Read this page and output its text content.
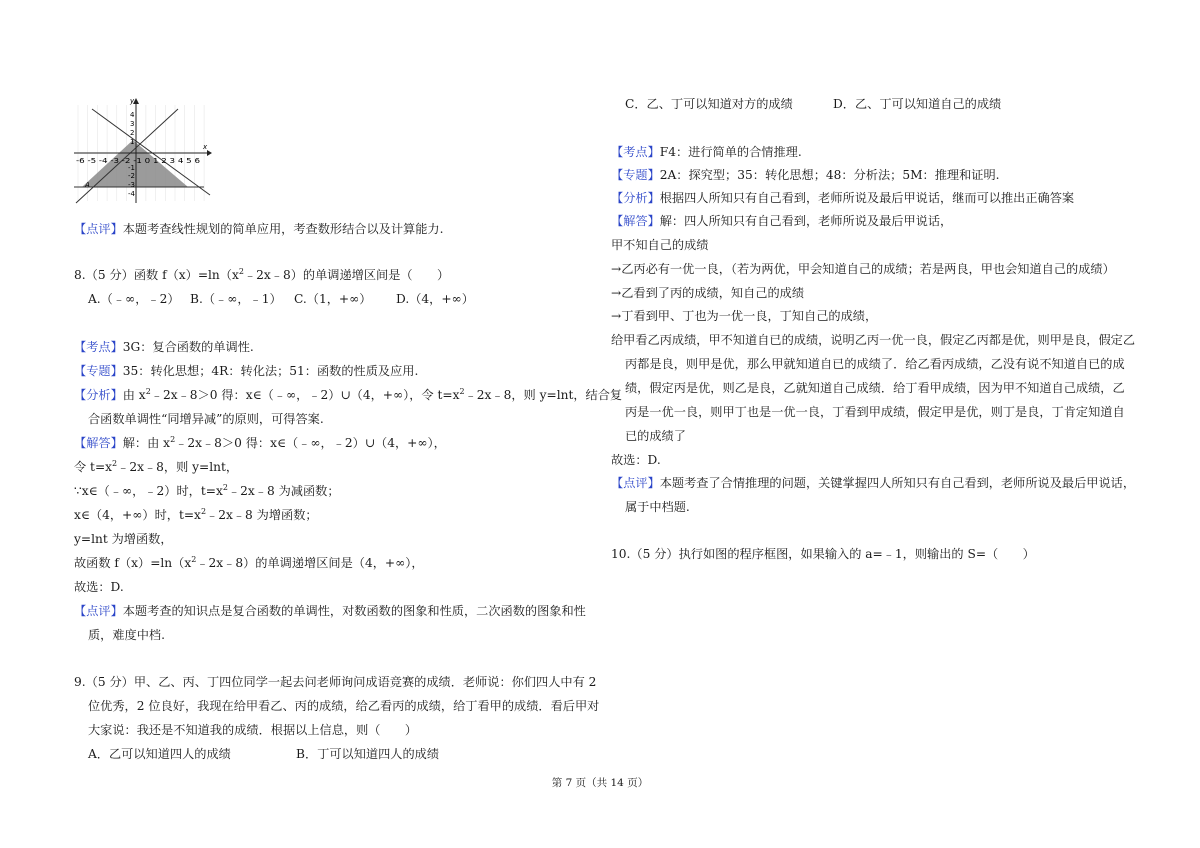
x
y
-6 -5 -4 -3 -2 -1 0 1 2 3 4 5 6
4
3
2
1
-1
-2
-3
-4
A
【 点评 】 本题考查线性规划的简单应用，考查数形结合以及计算能力.
8.（5 分）函数 $f(x)=\ln(x^2﹣2x﹣8)$的单调递增区间是（　　）
A.（﹣∞，﹣2） B.（﹣∞，﹣1） C.（1，+∞） D.（4，+∞）
【 考点 】 3G：复合函数的单调性.
【 专题 】 35：转化思想；4R：转化法；51：函数的性质及应用.
【 分析 】 由 $x^2﹣2x﹣8>0$ 得：x∈（﹣∞，﹣2）∪（4，+∞），令 $t=x^2﹣2x﹣8$，则 y=lnt，结合复
合函数单调性“同增异减”的原则，可得答案.
【 解答 】 解：由 $x^2﹣2x﹣8>0$ 得：x∈（﹣∞，﹣2）∪（4，+∞），
令 $t=x^2﹣2x﹣8$，则 y=lnt，
∵x∈（﹣∞，﹣2）时，$t=x^2﹣2x﹣8$ 为减函数；
x∈（4，+∞）时，$t=x^2﹣2x﹣8$ 为增函数；
y=lnt 为增函数，
故函数 $f(x)=\ln(x^2﹣2x﹣8)$的单调递增区间是（4，+∞），
故选：D.
【 点评 】 本题考查的知识点是复合函数的单调性，对数函数的图象和性质，二次函数的图象和性
质，难度中档.
9.（5 分）甲、乙、丙、丁四位同学一起去问老师询问成语竞赛的成绩．老师说：你们四人中有 2
位优秀，2 位良好，我现在给甲看乙、丙的成绩，给乙看丙的成绩，给丁看甲的成绩．看后甲对
大家说：我还是不知道我的成绩．根据以上信息，则（　　）
A．乙可以知道四人的成绩	B．丁可以知道四人的成绩
C．乙、丁可以知道对方的成绩	D．乙、丁可以知道自己的成绩
【 考点 】 F4：进行简单的合情推理.
【 专题 】 2A：探究型；35：转化思想；48：分析法；5M：推理和证明.
【 分析 】 根据四人所知只有自己看到，老师所说及最后甲说话，继而可以推出正确答案
【 解答 】 解：四人所知只有自己看到，老师所说及最后甲说话，
甲不知自己的成绩
→乙丙必有一优一良，（若为两优，甲会知道自己的成绩；若是两良，甲也会知道自己的成绩）
→乙看到了丙的成绩，知自己的成绩
→丁看到甲、丁也为一优一良，丁知自己的成绩，
给甲看乙丙成绩，甲不知道自已的成绩，说明乙丙一优一良，假定乙丙都是优，则甲是良，假定乙
丙都是良，则甲是优，那么甲就知道自已的成绩了．给乙看丙成绩，乙没有说不知道自已的成
绩，假定丙是优，则乙是良，乙就知道自己成绩．给丁看甲成绩，因为甲不知道自己成绩，乙
丙是一优一良，则甲丁也是一优一良，丁看到甲成绩，假定甲是优，则丁是良，丁肯定知道自
已的成绩了
故选：D.
【 点评 】 本题考查了合情推理的问题，关键掌握四人所知只有自己看到，老师所说及最后甲说话，
属于中档题.
10.（5 分）执行如图的程序框图，如果输入的 a=﹣1，则输出的 S=（　　）
第 7 页（共 14 页）
